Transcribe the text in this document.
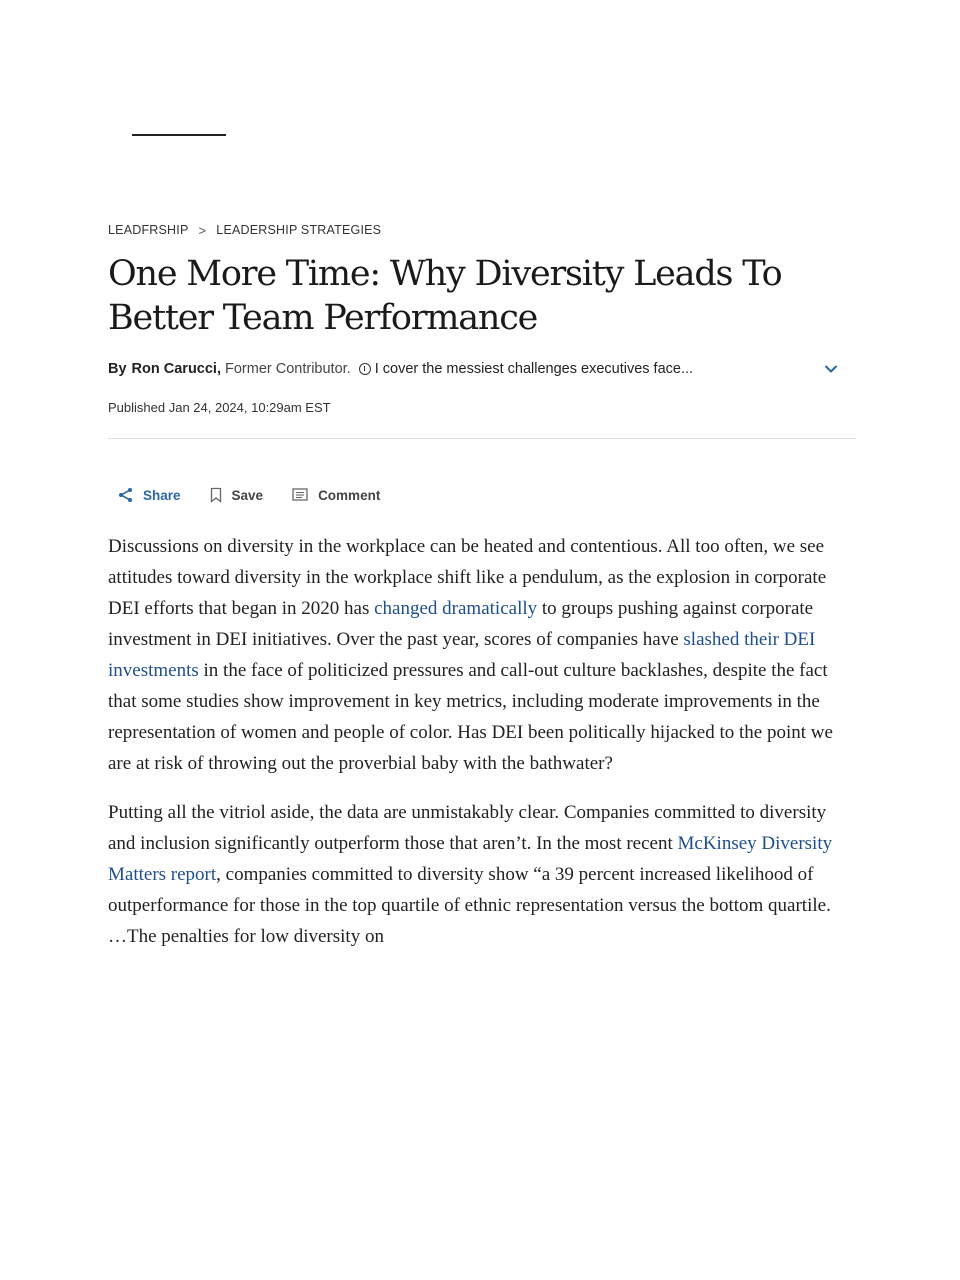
LEADFRSHIP > LEADERSHIP STRATEGIES
One More Time: Why Diversity Leads To Better Team Performance
By Ron Carucci, Former Contributor. I cover the messiest challenges executives face...
Published Jan 24, 2024, 10:29am EST
Share	Save	Comment

Discussions on diversity in the workplace can be heated and contentious. All too often, we see attitudes toward diversity in the workplace shift like a pendulum, as the explosion in corporate DEI efforts that began in 2020 has changed dramatically to groups pushing against corporate investment in DEI initiatives. Over the past year, scores of companies have slashed their DEI investments in the face of politicized pressures and call-out culture backlashes, despite the fact that some studies show improvement in key metrics, including moderate improvements in the representation of women and people of color. Has DEI been politically hijacked to the point we are at risk of throwing out the proverbial baby with the bathwater?

Putting all the vitriol aside, the data are unmistakably clear. Companies committed to diversity and inclusion significantly outperform those that aren’t. In the most recent McKinsey Diversity Matters report, companies committed to diversity show “a 39 percent increased likelihood of outperformance for those in the top quartile of ethnic representation versus the bottom quartile. …The penalties for low diversity on
